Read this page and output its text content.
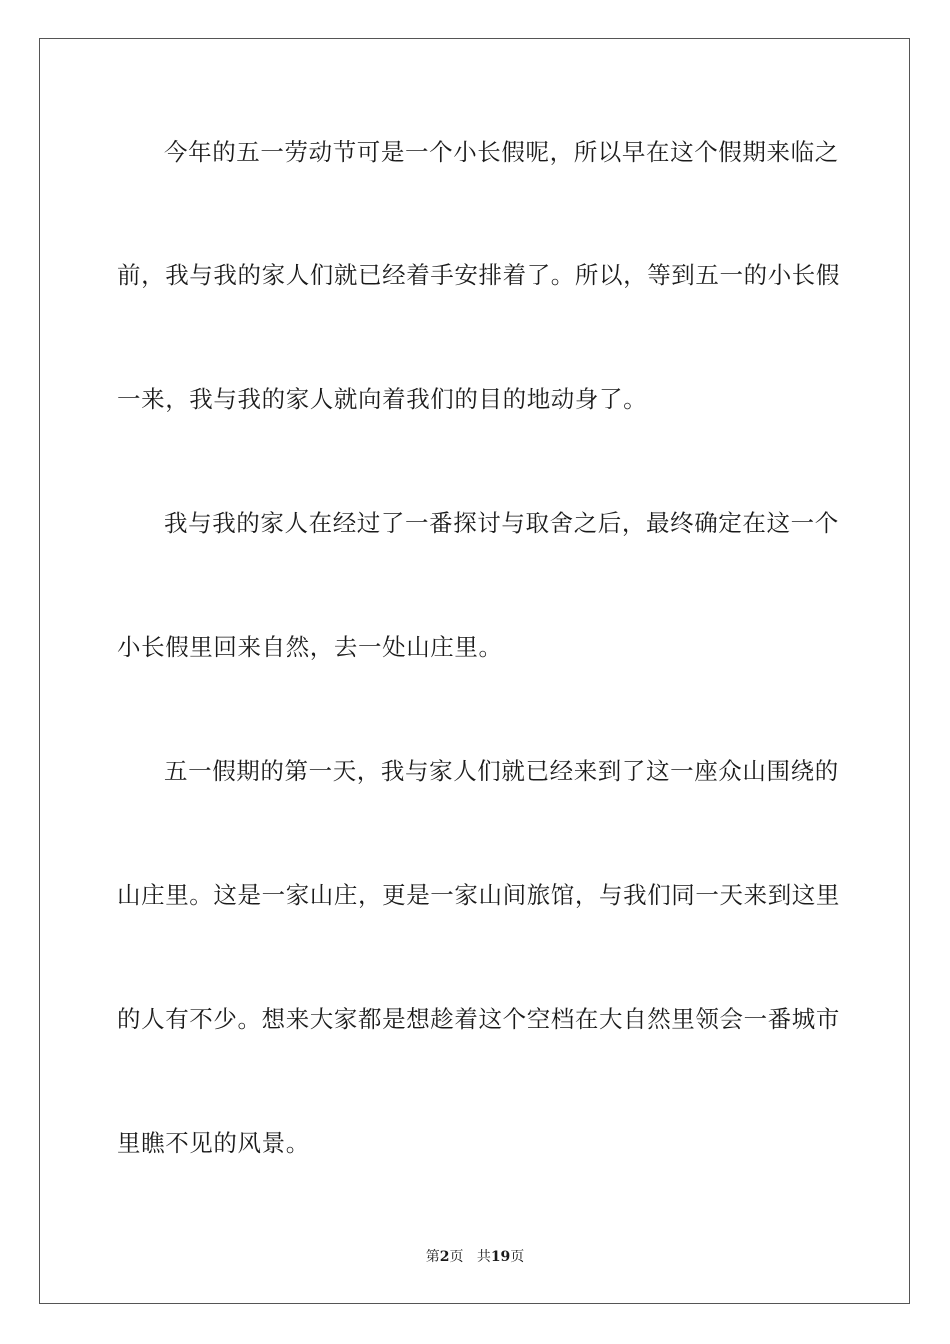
今年的五一劳动节可是一个小长假呢，所以早在这个假期来临之
前，我与我的家人们就已经着手安排着了。所以，等到五一的小长假
一来，我与我的家人就向着我们的目的地动身了。
我与我的家人在经过了一番探讨与取舍之后，最终确定在这一个
小长假里回来自然，去一处山庄里。
五一假期的第一天，我与家人们就已经来到了这一座众山围绕的
山庄里。这是一家山庄，更是一家山间旅馆，与我们同一天来到这里
的人有不少。想来大家都是想趁着这个空档在大自然里领会一番城市
里瞧不见的风景。
第2页 共19页
